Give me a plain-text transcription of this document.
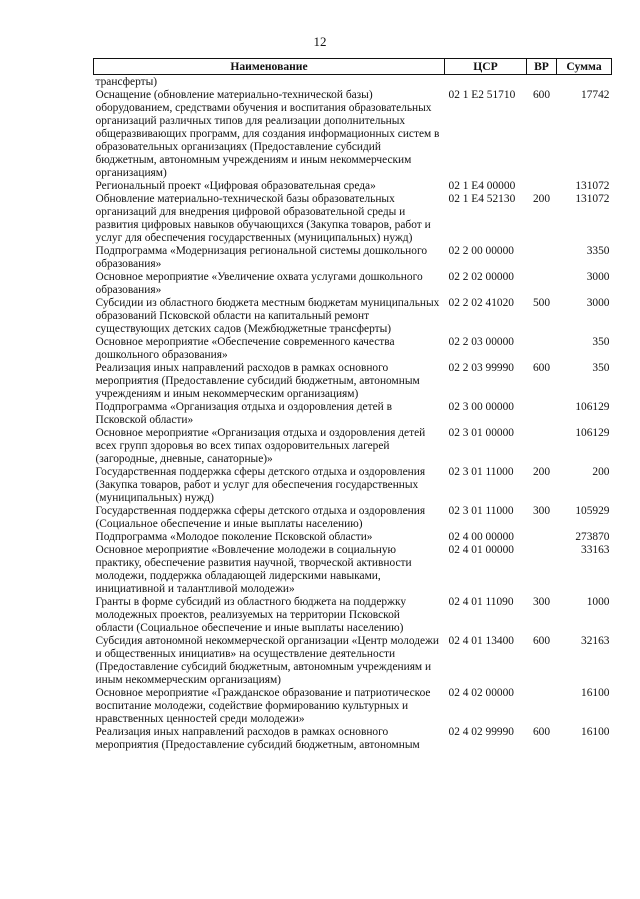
12
Наименование	ЦСР	ВР	Сумма
трансферты)			
Оснащение (обновление материально-технической базы) оборудованием, средствами обучения и воспитания образовательных организаций различных типов для реализации дополнительных общеразвивающих программ, для создания информационных систем в образовательных организациях (Предоставление субсидий бюджетным, автономным учреждениям и иным некоммерческим организациям)	02 1 E2 51710	600	17742
Региональный проект «Цифровая образовательная среда»	02 1 E4 00000		131072
Обновление материально-технической базы образовательных организаций для внедрения цифровой образовательной среды и развития цифровых навыков обучающихся (Закупка товаров, работ и услуг для обеспечения государственных (муниципальных) нужд)	02 1 E4 52130	200	131072
Подпрограмма «Модернизация региональной системы дошкольного образования»	02 2 00 00000		3350
Основное мероприятие «Увеличение охвата услугами дошкольного образования»	02 2 02 00000		3000
Субсидии из областного бюджета местным бюджетам муниципальных образований Псковской области на капитальный ремонт существующих детских садов (Межбюджетные трансферты)	02 2 02 41020	500	3000
Основное мероприятие «Обеспечение современного качества дошкольного образования»	02 2 03 00000		350
Реализация иных направлений расходов в рамках основного мероприятия (Предоставление субсидий бюджетным, автономным учреждениям и иным некоммерческим организациям)	02 2 03 99990	600	350
Подпрограмма «Организация отдыха и оздоровления детей в Псковской области»	02 3 00 00000		106129
Основное мероприятие «Организация отдыха и оздоровления детей всех групп здоровья во всех типах оздоровительных лагерей (загородные, дневные, санаторные)»	02 3 01 00000		106129
Государственная поддержка сферы детского отдыха и оздоровления (Закупка товаров, работ и услуг для обеспечения государственных (муниципальных) нужд)	02 3 01 11000	200	200
Государственная поддержка сферы детского отдыха и оздоровления (Социальное обеспечение и иные выплаты населению)	02 3 01 11000	300	105929
Подпрограмма «Молодое поколение Псковской области»	02 4 00 00000		273870
Основное мероприятие «Вовлечение молодежи в социальную практику, обеспечение развития научной, творческой активности молодежи, поддержка обладающей лидерскими навыками, инициативной и талантливой молодежи»	02 4 01 00000		33163
Гранты в форме субсидий из областного бюджета на поддержку молодежных проектов, реализуемых на территории Псковской области (Социальное обеспечение и иные выплаты населению)	02 4 01 11090	300	1000
Субсидия автономной некоммерческой организации «Центр молодежи и общественных инициатив» на осуществление деятельности (Предоставление субсидий бюджетным, автономным учреждениям и иным некоммерческим организациям)	02 4 01 13400	600	32163
Основное мероприятие «Гражданское образование и патриотическое воспитание молодежи, содействие формированию культурных и нравственных ценностей среди молодежи»	02 4 02 00000		16100
Реализация иных направлений расходов в рамках основного мероприятия (Предоставление субсидий бюджетным, автономным	02 4 02 99990	600	16100
